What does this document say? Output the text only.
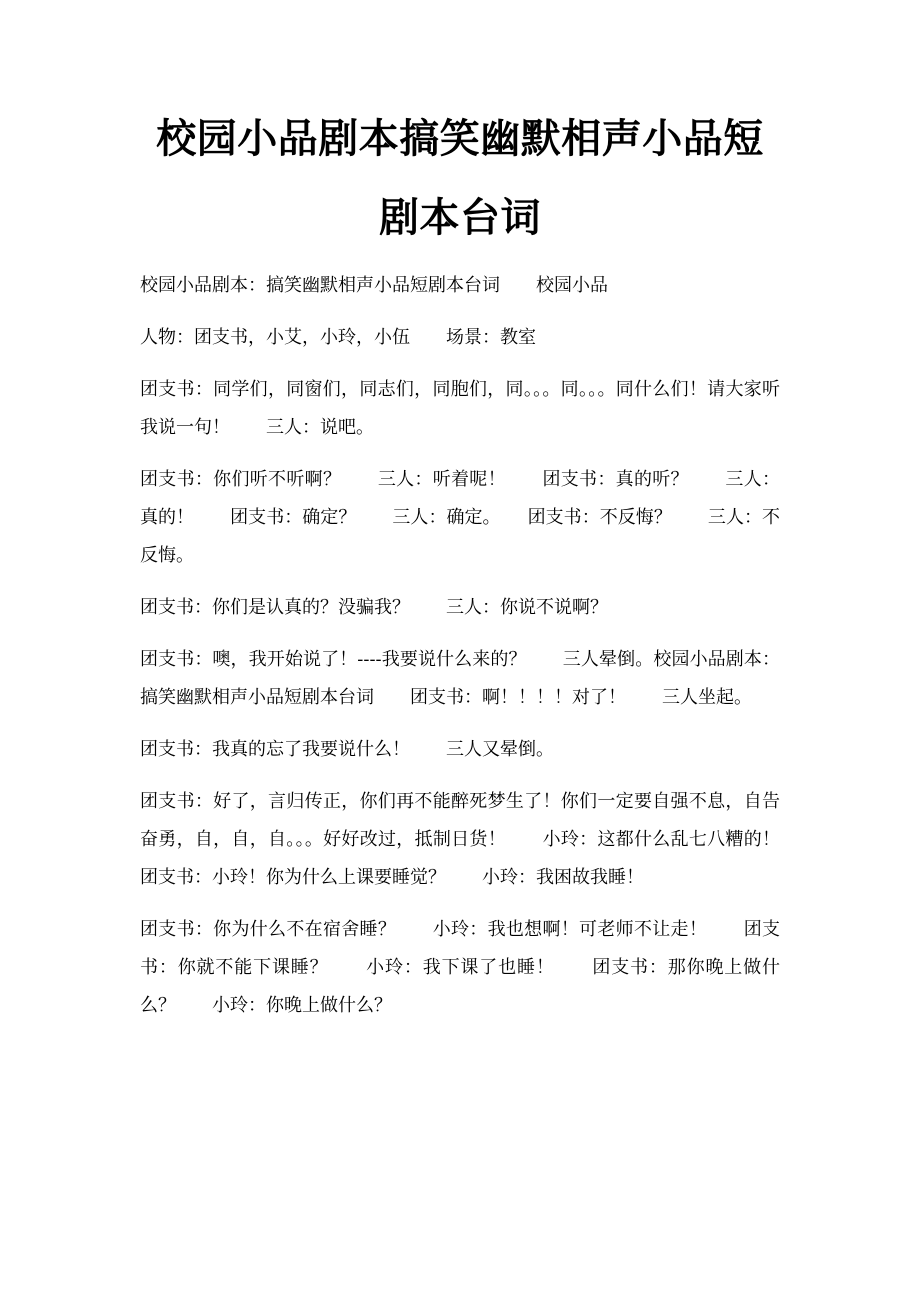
校园小品剧本搞笑幽默相声小品短剧本台词

校园小品剧本：搞笑幽默相声小品短剧本台词　　校园小品

人物：团支书，小艾，小玲，小伍　　场景：教室

团支书：同学们，同窗们，同志们，同胞们，同。。。同。。。同什么们！请大家听我说一句！　　三人：说吧。

团支书：你们听不听啊？　　三人：听着呢！　　团支书：真的听？　　三人：真的！　　团支书：确定？　　三人：确定。　　团支书：不反悔？　　三人：不反悔。

团支书：你们是认真的？没骗我？　　三人：你说不说啊？

团支书：噢，我开始说了！----我要说什么来的？　　三人晕倒。校园小品剧本：搞笑幽默相声小品短剧本台词　　团支书：啊！！！！对了！　　三人坐起。

团支书：我真的忘了我要说什么！　　三人又晕倒。

团支书：好了，言归传正，你们再不能醉死梦生了！你们一定要自强不息，自告奋勇，自，自，自。。。好好改过，抵制日货！　　小玲：这都什么乱七八糟的！　　团支书：小玲！你为什么上课要睡觉？　　小玲：我困故我睡！

团支书：你为什么不在宿舍睡？　　小玲：我也想啊！可老师不让走！　　团支书：你就不能下课睡？　　小玲：我下课了也睡！　　团支书：那你晚上做什么？　　小玲：你晚上做什么？
